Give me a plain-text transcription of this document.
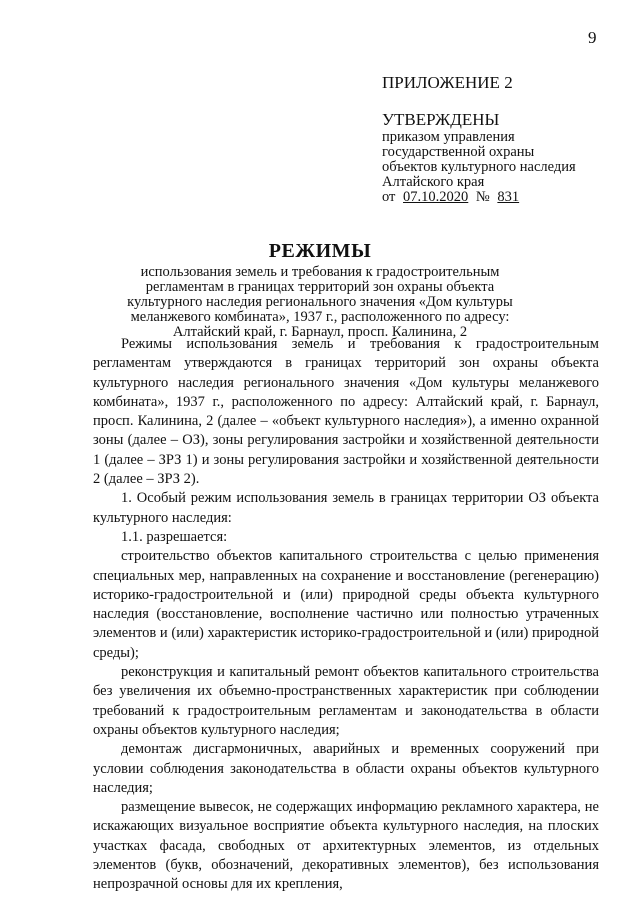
9
ПРИЛОЖЕНИЕ 2
УТВЕРЖДЕНЫ
приказом управления
государственной охраны
объектов культурного наследия
Алтайского края
от 07.10.2020 № 831
РЕЖИМЫ
использования земель и требования к градостроительным
регламентам в границах территорий зон охраны объекта
культурного наследия регионального значения «Дом культуры
меланжевого комбината», 1937 г., расположенного по адресу:
Алтайский край, г. Барнаул, просп. Калинина, 2

Режимы использования земель и требования к градостроительным регламентам утверждаются в границах территорий зон охраны объекта культурного наследия регионального значения «Дом культуры меланжевого комбината», 1937 г., расположенного по адресу: Алтайский край, г. Барнаул, просп. Калинина, 2 (далее – «объект культурного наследия»), а именно охранной зоны (далее – ОЗ), зоны регулирования застройки и хозяйственной деятельности 1 (далее – ЗРЗ 1) и зоны регулирования застройки и хозяйственной деятельности 2 (далее – ЗРЗ 2).

1. Особый режим использования земель в границах территории ОЗ объекта культурного наследия:

1.1. разрешается:

строительство объектов капитального строительства с целью применения специальных мер, направленных на сохранение и восстановление (регенерацию) историко-градостроительной и (или) природной среды объекта культурного наследия (восстановление, восполнение частично или полностью утраченных элементов и (или) характеристик историко-градостроительной и (или) природной среды);

реконструкция и капитальный ремонт объектов капитального строительства без увеличения их объемно-пространственных характеристик при соблюдении требований к градостроительным регламентам и законодательства в области охраны объектов культурного наследия;

демонтаж дисгармоничных, аварийных и временных сооружений при условии соблюдения законодательства в области охраны объектов культурного наследия;

размещение вывесок, не содержащих информацию рекламного характера, не искажающих визуальное восприятие объекта культурного наследия, на плоских участках фасада, свободных от архитектурных элементов, из отдельных элементов (букв, обозначений, декоративных элементов), без использования непрозрачной основы для их крепления,
